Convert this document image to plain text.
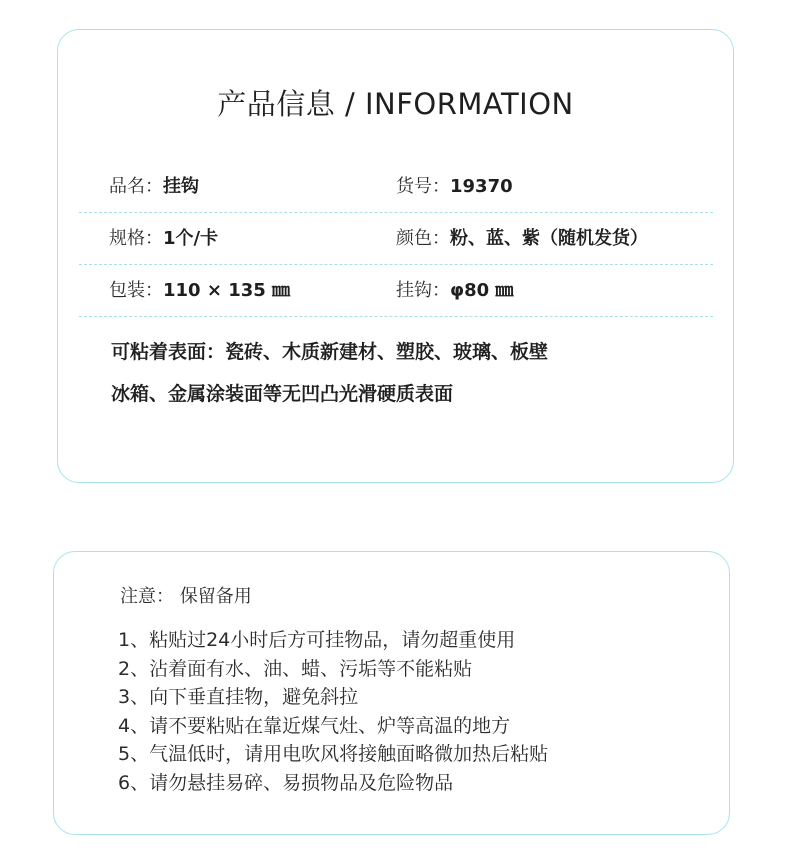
产品信息 / INFORMATION
品名：挂钩	货号：19370
规格：1个/卡	颜色：粉、蓝、紫（随机发货）
包装：110 × 135 ㎜	挂钩：φ80 ㎜
可粘着表面：瓷砖、木质新建材、塑胶、玻璃、板壁
冰箱、金属涂装面等无凹凸光滑硬质表面
注意： 保留备用
1、粘贴过24小时后方可挂物品，请勿超重使用
2、沾着面有水、油、蜡、污垢等不能粘贴
3、向下垂直挂物，避免斜拉
4、请不要粘贴在靠近煤气灶、炉等高温的地方
5、气温低时，请用电吹风将接触面略微加热后粘贴
6、请勿悬挂易碎、易损物品及危险物品
